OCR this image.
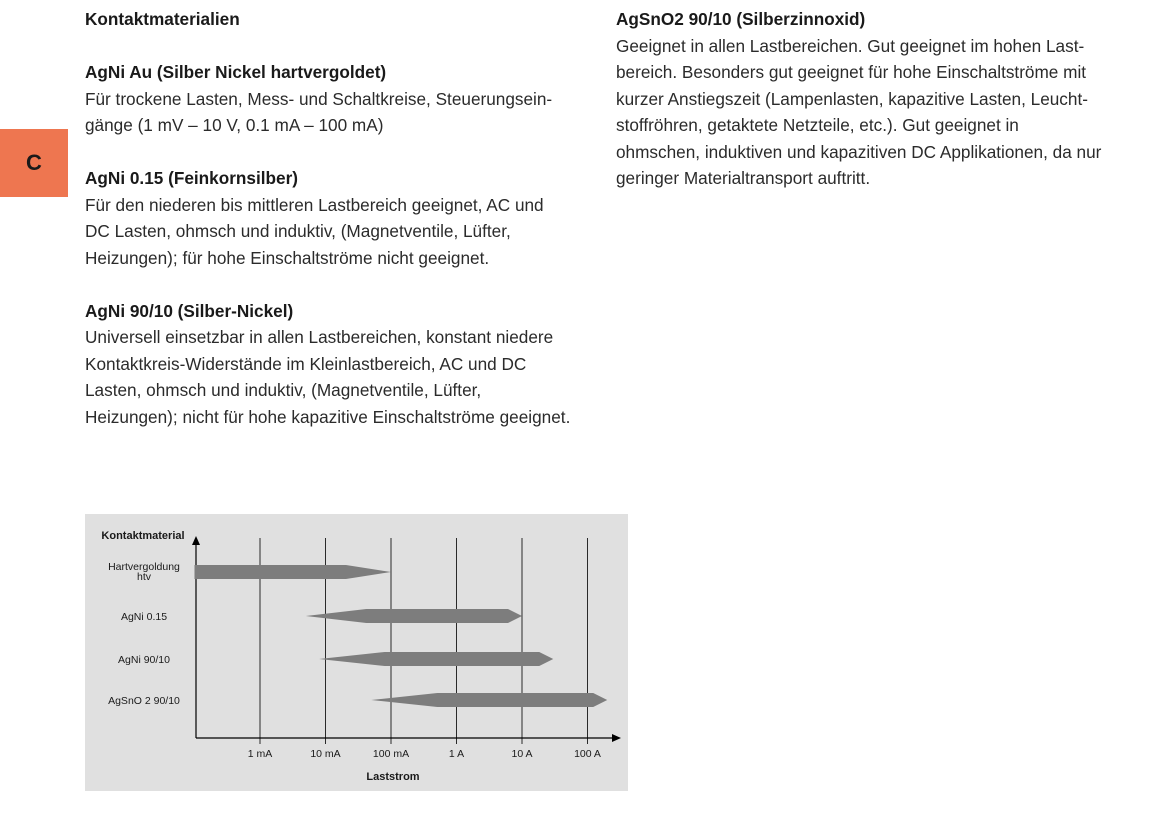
C

Kontaktmaterialien

AgNi Au (Silber Nickel hartvergoldet)

Für trockene Lasten, Mess- und Schaltkreise, Steuerungsein-
gänge (1 mV – 10 V, 0.1 mA – 100 mA)

AgNi 0.15 (Feinkornsilber)

Für den niederen bis mittleren Lastbereich geeignet, AC und
DC Lasten, ohmsch und induktiv, (Magnetventile, Lüfter,
Heizungen); für hohe Einschaltströme nicht geeignet.

AgNi 90/10 (Silber-Nickel)

Universell einsetzbar in allen Lastbereichen, konstant niedere
Kontaktkreis-Widerstände im Kleinlastbereich, AC und DC
Lasten, ohmsch und induktiv, (Magnetventile, Lüfter,
Heizungen); nicht für hohe kapazitive Einschaltströme geeignet.

AgSnO2 90/10 (Silberzinnoxid)

Geeignet in allen Lastbereichen. Gut geeignet im hohen Last-
bereich. Besonders gut geeignet für hohe Einschaltströme mit
kurzer Anstiegszeit (Lampenlasten, kapazitive Lasten, Leucht-
stoffröhren, getaktete Netzteile, etc.). Gut geeignet in
ohmschen, induktiven und kapazitiven DC Applikationen, da nur
geringer Materialtransport auftritt.

Kontaktmaterial
Laststrom
1 mA	10 mA	100 mA	1 A	10 A	100 A
Hartvergoldung
htv
AgNi 0.15
AgNi 90/10
AgSnO 2 90/10
